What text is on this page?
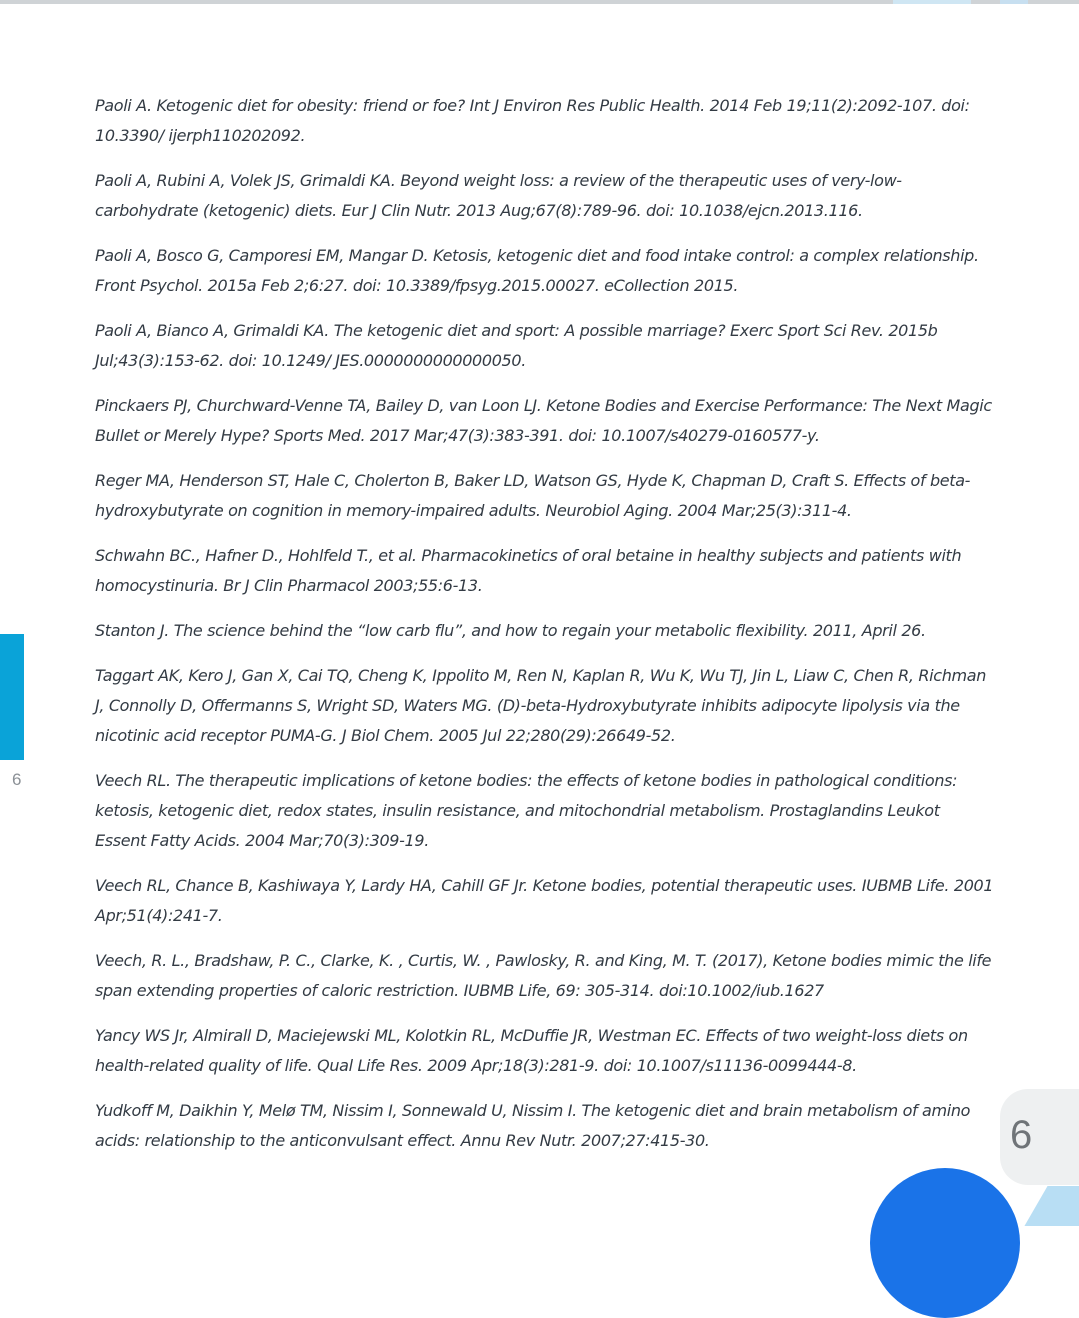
Paoli A. Ketogenic diet for obesity: friend or foe? Int J Environ Res Public Health. 2014 Feb 19;11(2):2092-107. doi: 10.3390/ ijerph110202092.
Paoli A, Rubini A, Volek JS, Grimaldi KA. Beyond weight loss: a review of the therapeutic uses of very-low-carbohydrate (ketogenic) diets. Eur J Clin Nutr. 2013 Aug;67(8):789-96. doi: 10.1038/ejcn.2013.116.
Paoli A, Bosco G, Camporesi EM, Mangar D. Ketosis, ketogenic diet and food intake control: a complex relationship. Front Psychol. 2015a Feb 2;6:27. doi: 10.3389/fpsyg.2015.00027. eCollection 2015.
Paoli A, Bianco A, Grimaldi KA. The ketogenic diet and sport: A possible marriage? Exerc Sport Sci Rev. 2015b Jul;43(3):153-62. doi: 10.1249/ JES.0000000000000050.
Pinckaers PJ, Churchward-Venne TA, Bailey D, van Loon LJ. Ketone Bodies and Exercise Performance: The Next Magic Bullet or Merely Hype? Sports Med. 2017 Mar;47(3):383-391. doi: 10.1007/s40279-0160577-y.
Reger MA, Henderson ST, Hale C, Cholerton B, Baker LD, Watson GS, Hyde K, Chapman D, Craft S. Effects of beta-hydroxybutyrate on cognition in memory-impaired adults. Neurobiol Aging. 2004 Mar;25(3):311-4.
Schwahn BC., Hafner D., Hohlfeld T., et al. Pharmacokinetics of oral betaine in healthy subjects and patients with homocystinuria. Br J Clin Pharmacol 2003;55:6-13.
Stanton J. The science behind the “low carb flu”, and how to regain your metabolic flexibility. 2011, April 26.
Taggart AK, Kero J, Gan X, Cai TQ, Cheng K, Ippolito M, Ren N, Kaplan R, Wu K, Wu TJ, Jin L, Liaw C, Chen R, Richman J, Connolly D, Offermanns S, Wright SD, Waters MG. (D)-beta-Hydroxybutyrate inhibits adipocyte lipolysis via the nicotinic acid receptor PUMA-G. J Biol Chem. 2005 Jul 22;280(29):26649-52.
Veech RL. The therapeutic implications of ketone bodies: the effects of ketone bodies in pathological conditions: ketosis, ketogenic diet, redox states, insulin resistance, and mitochondrial metabolism. Prostaglandins Leukot Essent Fatty Acids. 2004 Mar;70(3):309-19.
Veech RL, Chance B, Kashiwaya Y, Lardy HA, Cahill GF Jr. Ketone bodies, potential therapeutic uses. IUBMB Life. 2001 Apr;51(4):241-7.
Veech, R. L., Bradshaw, P. C., Clarke, K. , Curtis, W. , Pawlosky, R. and King, M. T. (2017), Ketone bodies mimic the life span extending properties of caloric restriction. IUBMB Life, 69: 305-314. doi:10.1002/iub.1627
Yancy WS Jr, Almirall D, Maciejewski ML, Kolotkin RL, McDuffie JR, Westman EC. Effects of two weight-loss diets on health-related quality of life. Qual Life Res. 2009 Apr;18(3):281-9. doi: 10.1007/s11136-0099444-8.
Yudkoff M, Daikhin Y, Melø TM, Nissim I, Sonnewald U, Nissim I. The ketogenic diet and brain metabolism of amino acids: relationship to the anticonvulsant effect. Annu Rev Nutr. 2007;27:415-30.
6
6
